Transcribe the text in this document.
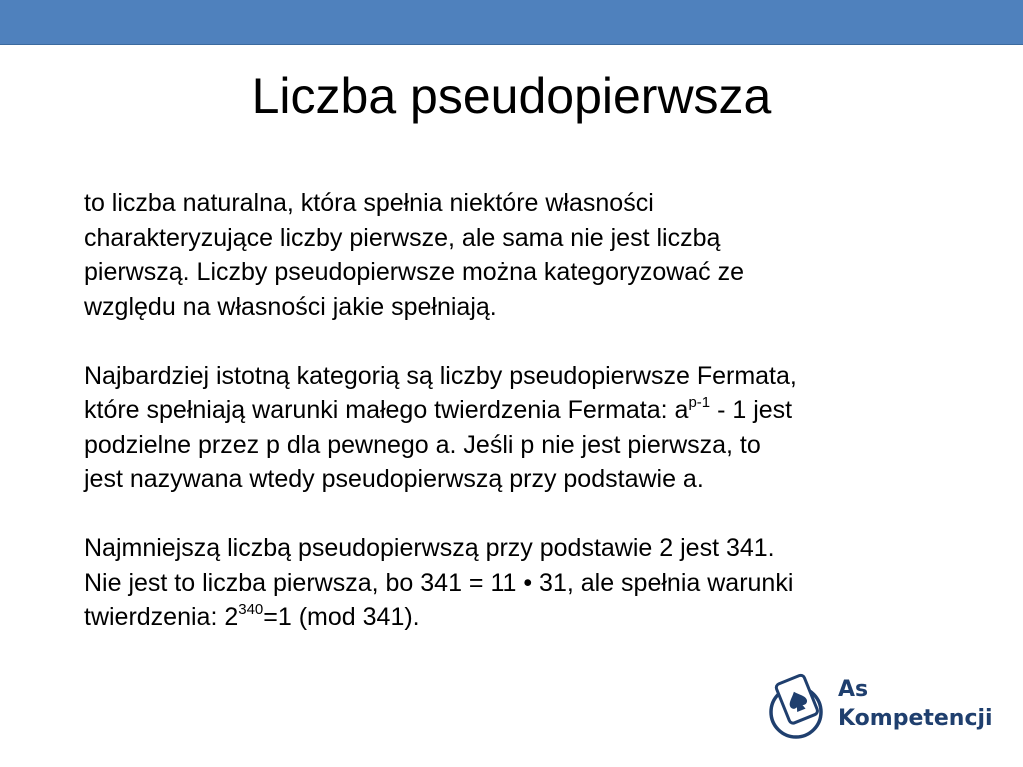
Liczba pseudopierwsza

to liczba naturalna, która spełnia niektóre własności
charakteryzujące liczby pierwsze, ale sama nie jest liczbą
pierwszą. Liczby pseudopierwsze można kategoryzować ze
względu na własności jakie spełniają.

Najbardziej istotną kategorią są liczby pseudopierwsze Fermata,
które spełniają warunki małego twierdzenia Fermata: $a^{p-1} - 1$ jest
podzielne przez p dla pewnego a. Jeśli p nie jest pierwsza, to
jest nazywana wtedy pseudopierwszą przy podstawie a.

Najmniejszą liczbą pseudopierwszą przy podstawie 2 jest 341.
Nie jest to liczba pierwsza, bo 341 = 11 • 31, ale spełnia warunki
twierdzenia: $2^{340}=1$ (mod 341).

As
Kompetencji
